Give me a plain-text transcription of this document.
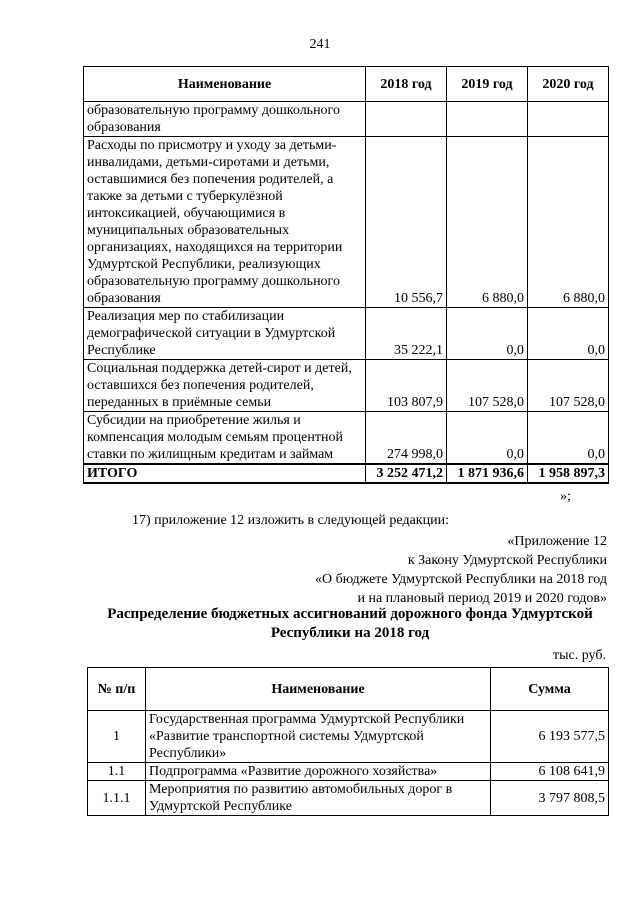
241
Наименование	2018 год	2019 год	2020 год
образовательную программу дошкольного образования			
Расходы по присмотру и уходу за детьми-инвалидами, детьми-сиротами и детьми, оставшимися без попечения родителей, а также за детьми с туберкулёзной интоксикацией, обучающимися в муниципальных образовательных организациях, находящихся на территории Удмуртской Республики, реализующих образовательную программу дошкольного образования	10 556,7	6 880,0	6 880,0
Реализация мер по стабилизации демографической ситуации в Удмуртской Республике	35 222,1	0,0	0,0
Социальная поддержка детей-сирот и детей, оставшихся без попечения родителей, переданных в приёмные семьи	103 807,9	107 528,0	107 528,0
Субсидии на приобретение жилья и компенсация молодым семьям процентной ставки по жилищным кредитам и займам	274 998,0	0,0	0,0
ИТОГО	3 252 471,2	1 871 936,6	1 958 897,3
»;
17) приложение 12 изложить в следующей редакции:
«Приложение 12
к Закону Удмуртской Республики
«О бюджете Удмуртской Республики на 2018 год
и на плановый период 2019 и 2020 годов»
Распределение бюджетных ассигнований дорожного фонда Удмуртской
Республики на 2018 год
тыс. руб.
№ п/п	Наименование	Сумма
1	Государственная программа Удмуртской Республики «Развитие транспортной системы Удмуртской Республики»	6 193 577,5
1.1	Подпрограмма «Развитие дорожного хозяйства»	6 108 641,9
1.1.1	Мероприятия по развитию автомобильных дорог в Удмуртской Республике	3 797 808,5
